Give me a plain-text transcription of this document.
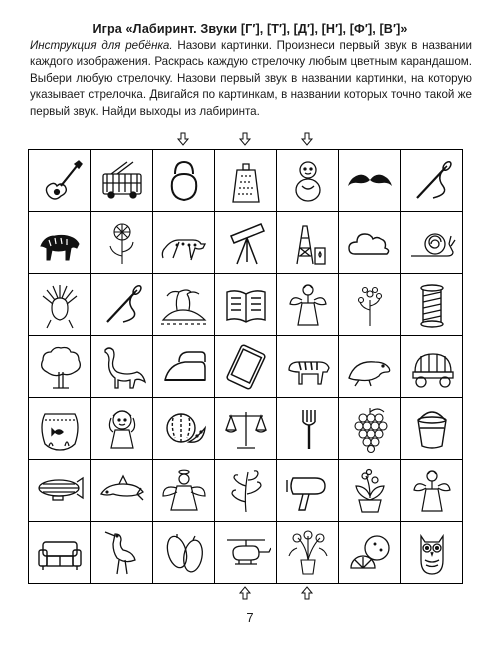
Игра «Лабиринт. Звуки [Г′], [Т′], [Д′], [Н′], [Ф′], [В′]»
Инструкция для ребёнка. Назови картинки. Произнеси первый звук в названии каждого изображения. Раскрась каждую стрелочку любым цветным карандашом. Выбери любую стрелочку. Назови первый звук в названии картинки, на которую указывает стрелочка. Двигайся по картинкам, в названии которых точно такой же первый звук. Найди выходы из лабиринта.
7
